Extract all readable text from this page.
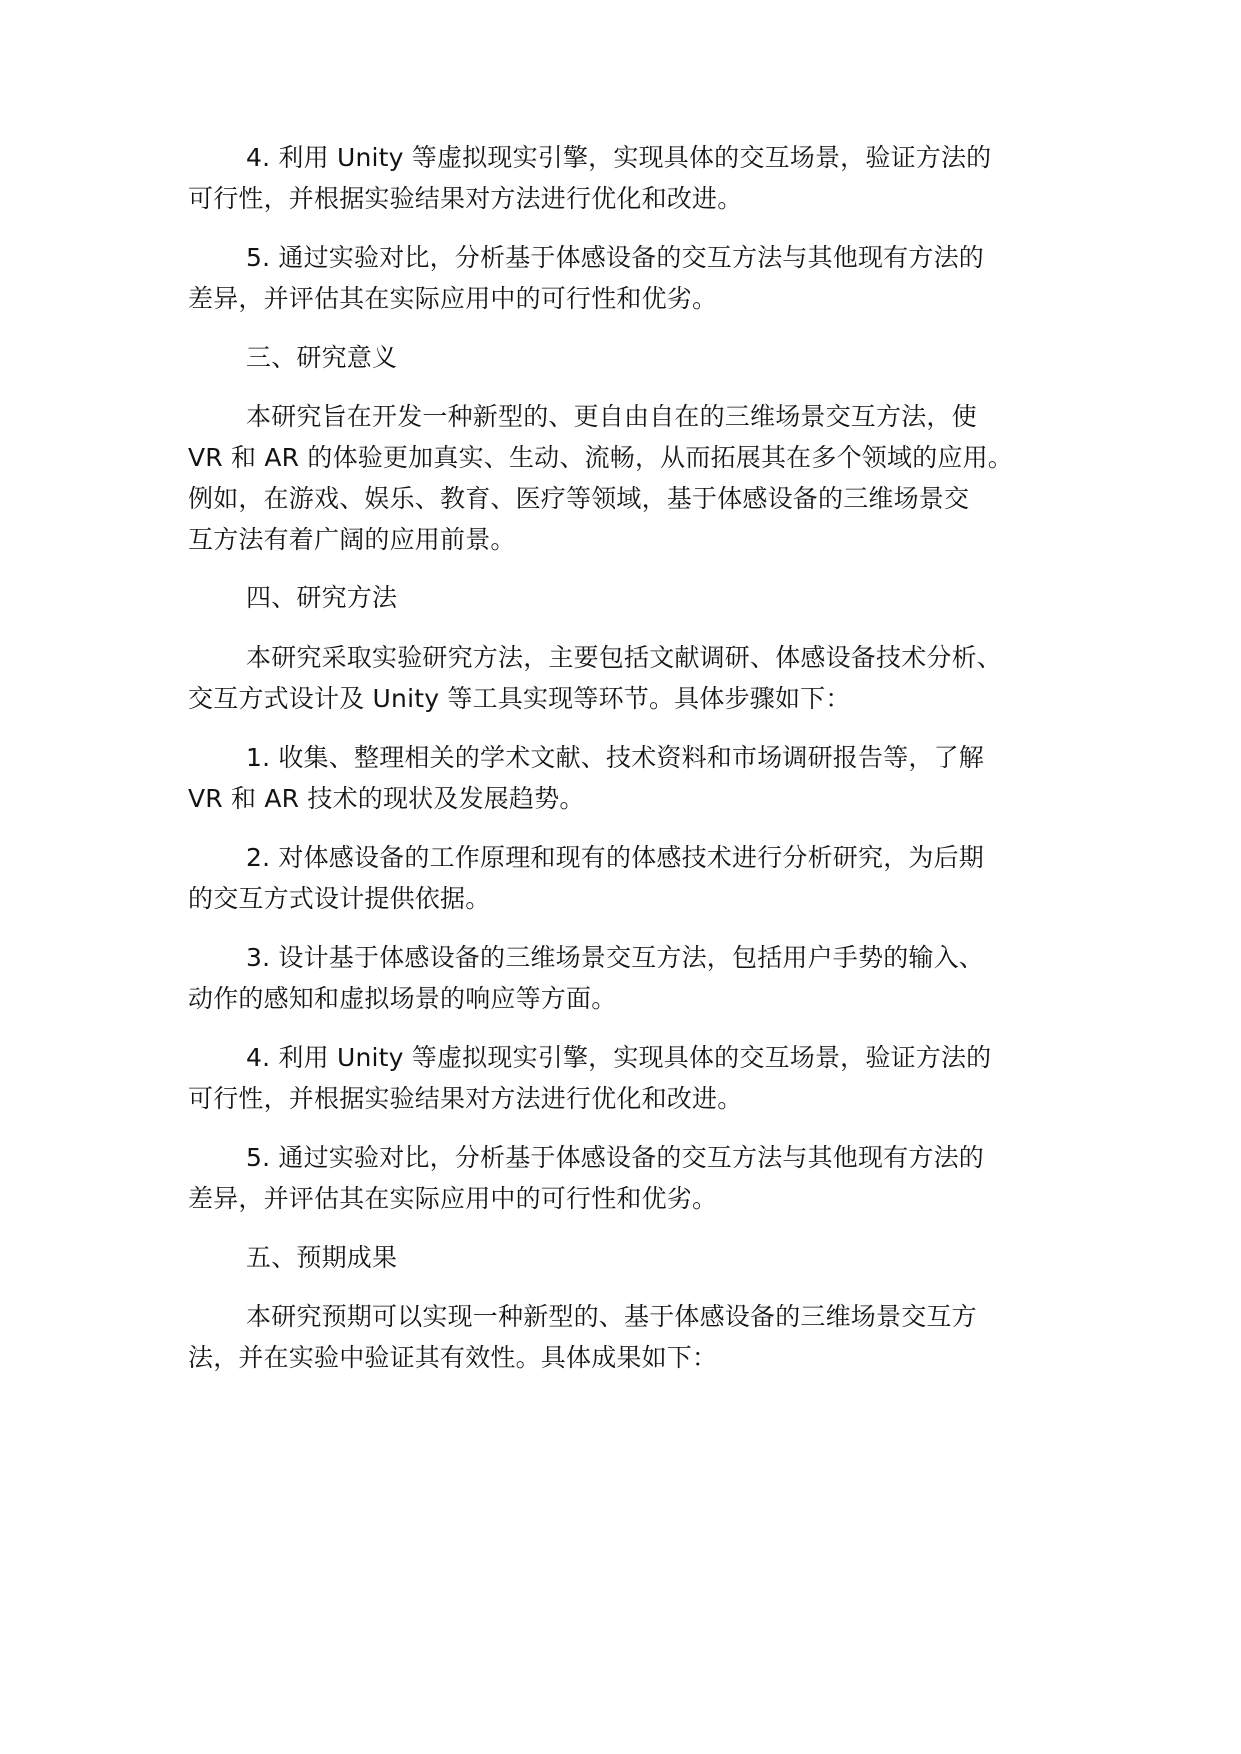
4. 利用 Unity 等虚拟现实引擎，实现具体的交互场景，验证方法的

可行性，并根据实验结果对方法进行优化和改进。

5. 通过实验对比，分析基于体感设备的交互方法与其他现有方法的

差异，并评估其在实际应用中的可行性和优劣。

三、研究意义

本研究旨在开发一种新型的、更自由自在的三维场景交互方法，使

VR 和 AR 的体验更加真实、生动、流畅，从而拓展其在多个领域的应用。

例如，在游戏、娱乐、教育、医疗等领域，基于体感设备的三维场景交

互方法有着广阔的应用前景。

四、研究方法

本研究采取实验研究方法，主要包括文献调研、体感设备技术分析、

交互方式设计及 Unity 等工具实现等环节。具体步骤如下：

1. 收集、整理相关的学术文献、技术资料和市场调研报告等，了解

VR 和 AR 技术的现状及发展趋势。

2. 对体感设备的工作原理和现有的体感技术进行分析研究，为后期

的交互方式设计提供依据。

3. 设计基于体感设备的三维场景交互方法，包括用户手势的输入、

动作的感知和虚拟场景的响应等方面。

4. 利用 Unity 等虚拟现实引擎，实现具体的交互场景，验证方法的

可行性，并根据实验结果对方法进行优化和改进。

5. 通过实验对比，分析基于体感设备的交互方法与其他现有方法的

差异，并评估其在实际应用中的可行性和优劣。

五、预期成果

本研究预期可以实现一种新型的、基于体感设备的三维场景交互方

法，并在实验中验证其有效性。具体成果如下：
